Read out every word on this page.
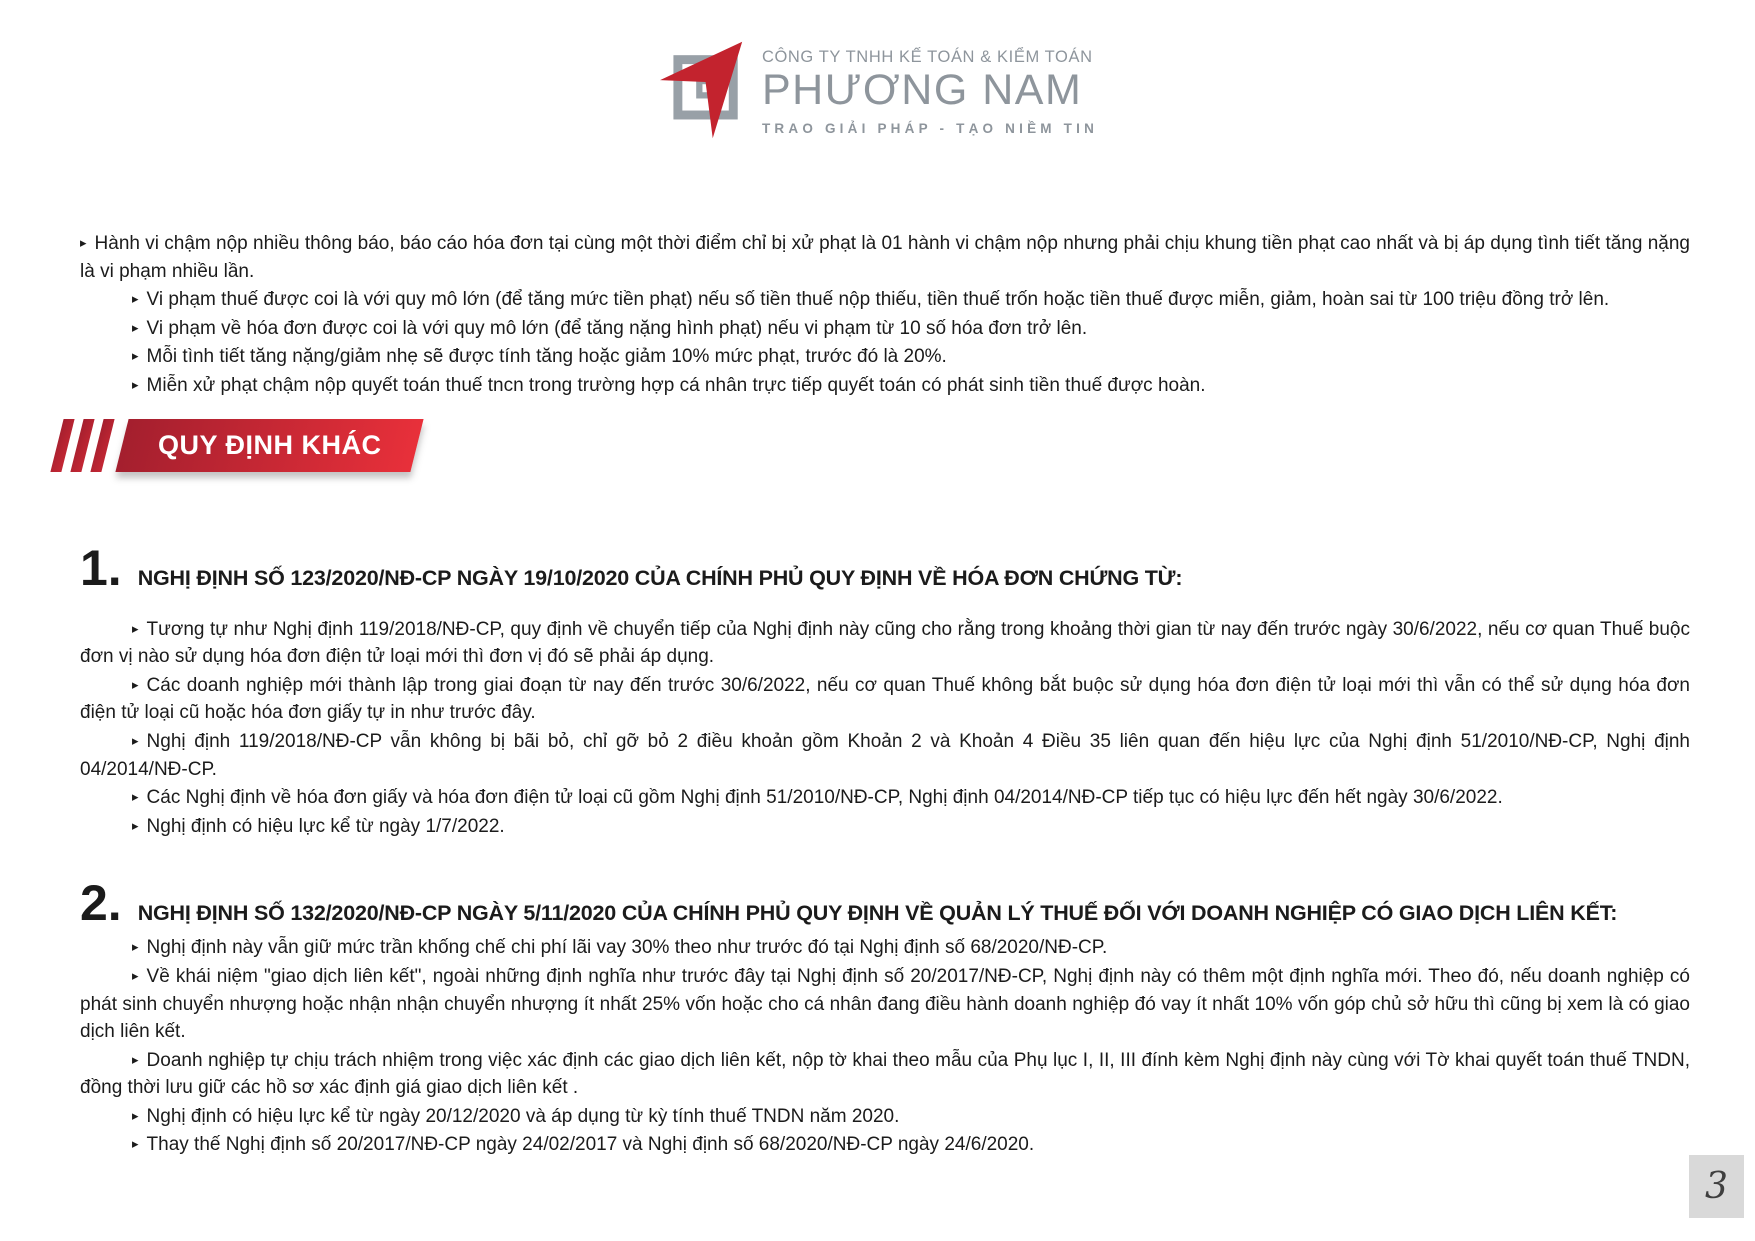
CÔNG TY TNHH KẾ TOÁN & KIỂM TOÁN
PHƯƠNG NAM
TRAO GIẢI PHÁP - TẠO NIỀM TIN

▸ Hành vi chậm nộp nhiều thông báo, báo cáo hóa đơn tại cùng một thời điểm chỉ bị xử phạt là 01 hành vi chậm nộp nhưng phải chịu khung tiền phạt cao nhất và bị áp dụng tình tiết tăng nặng là vi phạm nhiều lần.

▸ Vi phạm thuế được coi là với quy mô lớn (để tăng mức tiền phạt) nếu số tiền thuế nộp thiếu, tiền thuế trốn hoặc tiền thuế được miễn, giảm, hoàn sai từ 100 triệu đồng trở lên.

▸ Vi phạm về hóa đơn được coi là với quy mô lớn (để tăng nặng hình phạt) nếu vi phạm từ 10 số hóa đơn trở lên.

▸ Mỗi tình tiết tăng nặng/giảm nhẹ sẽ được tính tăng hoặc giảm 10% mức phạt, trước đó là 20%.

▸ Miễn xử phạt chậm nộp quyết toán thuế tncn trong trường hợp cá nhân trực tiếp quyết toán có phát sinh tiền thuế được hoàn.

QUY ĐỊNH KHÁC
1. NGHỊ ĐỊNH SỐ 123/2020/NĐ-CP NGÀY 19/10/2020 CỦA CHÍNH PHỦ QUY ĐỊNH VỀ HÓA ĐƠN CHỨNG TỪ:

▸ Tương tự như Nghị định 119/2018/NĐ-CP, quy định về chuyển tiếp của Nghị định này cũng cho rằng trong khoảng thời gian từ nay đến trước ngày 30/6/2022, nếu cơ quan Thuế buộc đơn vị nào sử dụng hóa đơn điện tử loại mới thì đơn vị đó sẽ phải áp dụng.

▸ Các doanh nghiệp mới thành lập trong giai đoạn từ nay đến trước 30/6/2022, nếu cơ quan Thuế không bắt buộc sử dụng hóa đơn điện tử loại mới thì vẫn có thể sử dụng hóa đơn điện tử loại cũ hoặc hóa đơn giấy tự in như trước đây.

▸ Nghị định 119/2018/NĐ-CP vẫn không bị bãi bỏ, chỉ gỡ bỏ 2 điều khoản gồm Khoản 2 và Khoản 4 Điều 35 liên quan đến hiệu lực của Nghị định 51/2010/NĐ-CP, Nghị định 04/2014/NĐ-CP.

▸ Các Nghị định về hóa đơn giấy và hóa đơn điện tử loại cũ gồm Nghị định 51/2010/NĐ-CP, Nghị định 04/2014/NĐ-CP tiếp tục có hiệu lực đến hết ngày 30/6/2022.

▸ Nghị định có hiệu lực kể từ ngày 1/7/2022.

2. NGHỊ ĐỊNH SỐ 132/2020/NĐ-CP NGÀY 5/11/2020 CỦA CHÍNH PHỦ QUY ĐỊNH VỀ QUẢN LÝ THUẾ ĐỐI VỚI DOANH NGHIỆP CÓ GIAO DỊCH LIÊN KẾT:

▸ Nghị định này vẫn giữ mức trần khống chế chi phí lãi vay 30% theo như trước đó tại Nghị định số 68/2020/NĐ-CP.

▸ Về khái niệm "giao dịch liên kết", ngoài những định nghĩa như trước đây tại Nghị định số 20/2017/NĐ-CP, Nghị định này có thêm một định nghĩa mới. Theo đó, nếu doanh nghiệp có phát sinh chuyển nhượng hoặc nhận nhận chuyển nhượng ít nhất 25% vốn hoặc cho cá nhân đang điều hành doanh nghiệp đó vay ít nhất 10% vốn góp chủ sở hữu thì cũng bị xem là có giao dịch liên kết.

▸ Doanh nghiệp tự chịu trách nhiệm trong việc xác định các giao dịch liên kết, nộp tờ khai theo mẫu của Phụ lục I, II, III đính kèm Nghị định này cùng với Tờ khai quyết toán thuế TNDN, đồng thời lưu giữ các hồ sơ xác định giá giao dịch liên kết .

▸ Nghị định có hiệu lực kể từ ngày 20/12/2020 và áp dụng từ kỳ tính thuế TNDN năm 2020.

▸ Thay thế Nghị định số 20/2017/NĐ-CP ngày 24/02/2017 và Nghị định số 68/2020/NĐ-CP ngày 24/6/2020.

3
